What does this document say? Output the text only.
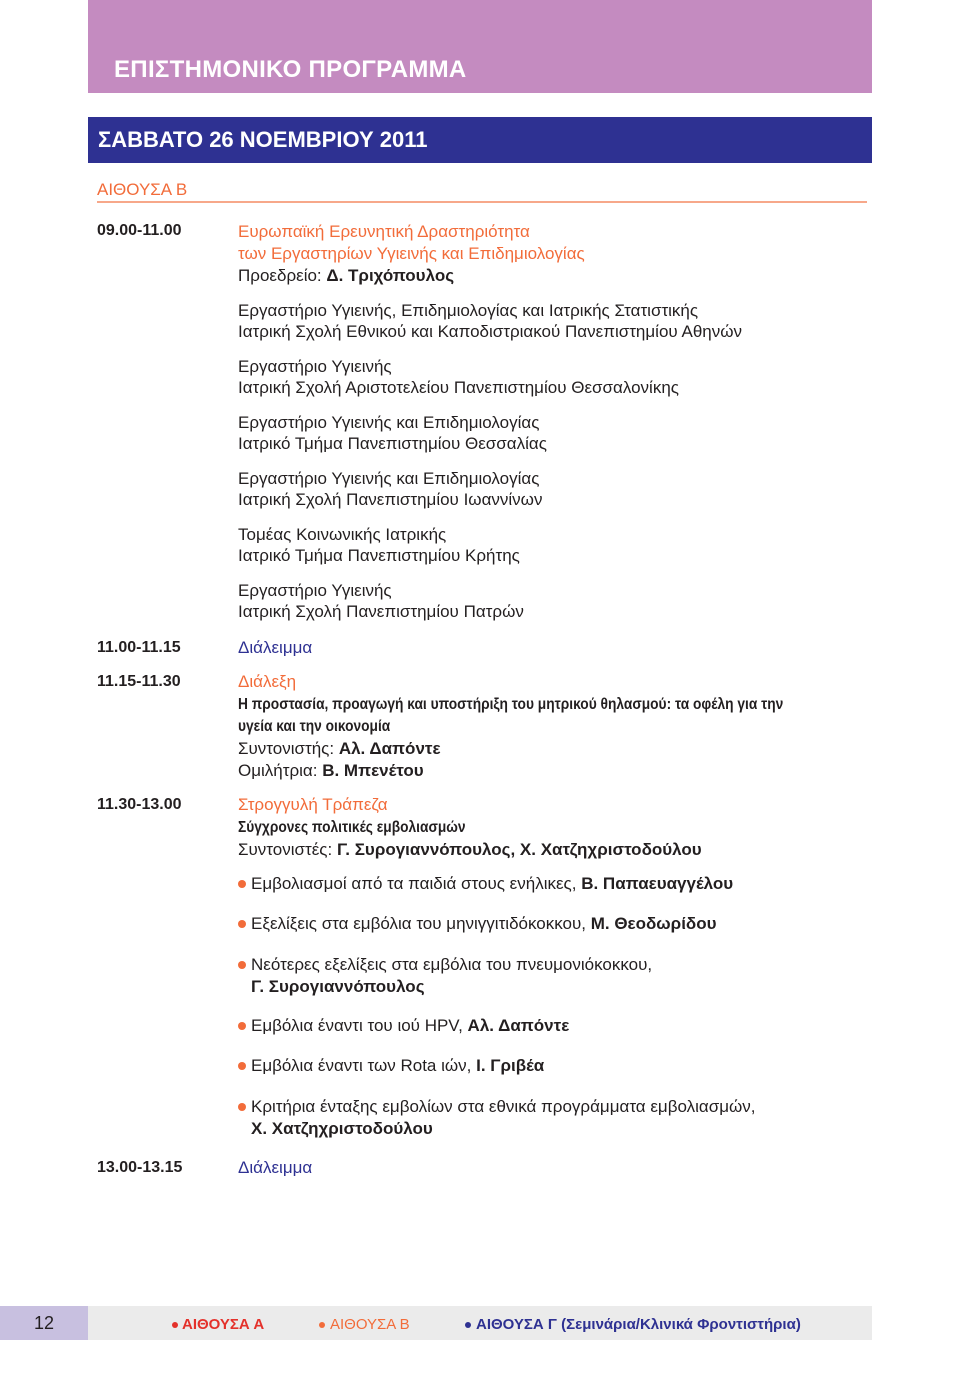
ΕΠΙΣΤΗΜΟΝΙΚΟ ΠΡΟΓΡΑΜΜΑ
ΣΑΒΒΑΤΟ 26 ΝΟΕΜΒΡΙΟΥ 2011
ΑΙΘΟΥΣΑ Β
09.00-11.00	Ευρωπαϊκή Ερευνητική Δραστηριότητα
των Εργαστηρίων Υγιεινής και Επιδημιολογίας
Προεδρείο: Δ. Τριχόπουλος
Εργαστήριο Υγιεινής, Επιδημιολογίας και Ιατρικής Στατιστικής
Ιατρική Σχολή Εθνικού και Καποδιστριακού Πανεπιστημίου Αθηνών
Εργαστήριο Υγιεινής
Ιατρική Σχολή Αριστοτελείου Πανεπιστημίου Θεσσαλονίκης
Εργαστήριο Υγιεινής και Επιδημιολογίας
Ιατρικό Τμήμα Πανεπιστημίου Θεσσαλίας
Εργαστήριο Υγιεινής και Επιδημιολογίας
Ιατρική Σχολή Πανεπιστημίου Ιωαννίνων
Τομέας Κοινωνικής Ιατρικής
Ιατρικό Τμήμα Πανεπιστημίου Κρήτης
Εργαστήριο Υγιεινής
Ιατρική Σχολή Πανεπιστημίου Πατρών
11.00-11.15	Διάλειμμα
11.15-11.30	Διάλεξη
Η προστασία, προαγωγή και υποστήριξη του μητρικού θηλασμού: τα οφέλη για την
υγεία και την οικονομία
Συντονιστής: Αλ. Δαπόντε
Ομιλήτρια: Β. Μπενέτου
11.30-13.00	Στρογγυλή Τράπεζα
Σύγχρονες πολιτικές εμβολιασμών
Συντονιστές: Γ. Συρογιαννόπουλος, Χ. Χατζηχριστοδούλου
Εμβολιασμοί από τα παιδιά στους ενήλικες, Β. Παπαευαγγέλου
Εξελίξεις στα εμβόλια του μηνιγγιτιδόκοκκου, Μ. Θεοδωρίδου
Νεότερες εξελίξεις στα εμβόλια του πνευμονιόκοκκου,
Γ. Συρογιαννόπουλος
Εμβόλια έναντι του ιού HPV, Αλ. Δαπόντε
Εμβόλια έναντι των Rota ιών, Ι. Γριβέα
Κριτήρια ένταξης εμβολίων στα εθνικά προγράμματα εμβολιασμών,
Χ. Χατζηχριστοδούλου
13.00-13.15	Διάλειμμα
12	ΑΙΘΟΥΣΑ Α	ΑΙΘΟΥΣΑ Β	ΑΙΘΟΥΣΑ Γ (Σεμινάρια/Κλινικά Φροντιστήρια)
